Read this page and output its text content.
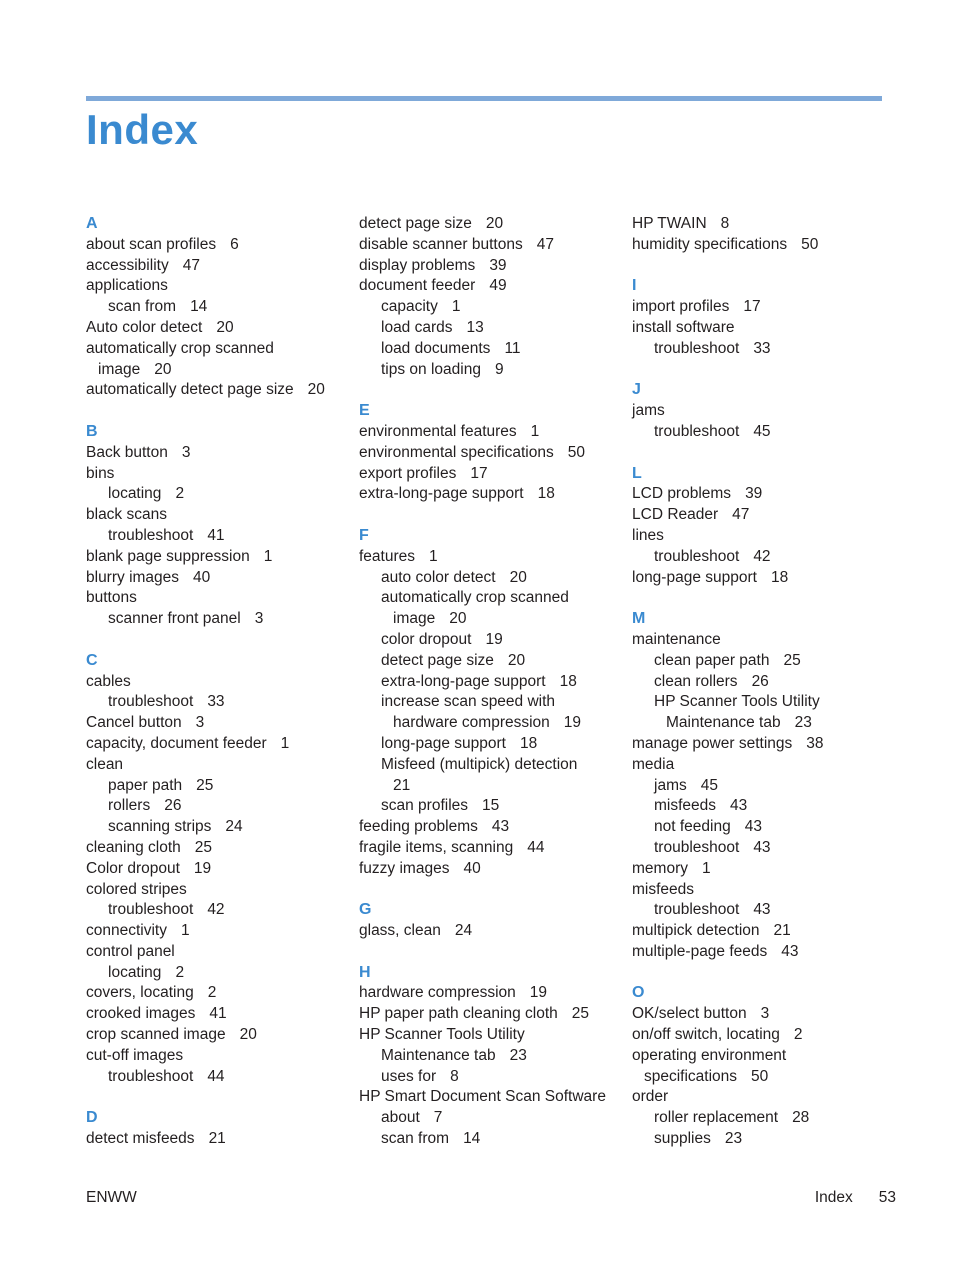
Index
A
about scan profiles 6
accessibility 47
applications
scan from 14
Auto color detect 20
automatically crop scanned
image 20
automatically detect page size 20
B
Back button 3
bins
locating 2
black scans
troubleshoot 41
blank page suppression 1
blurry images 40
buttons
scanner front panel 3
C
cables
troubleshoot 33
Cancel button 3
capacity, document feeder 1
clean
paper path 25
rollers 26
scanning strips 24
cleaning cloth 25
Color dropout 19
colored stripes
troubleshoot 42
connectivity 1
control panel
locating 2
covers, locating 2
crooked images 41
crop scanned image 20
cut-off images
troubleshoot 44
D
detect misfeeds 21
detect page size 20
disable scanner buttons 47
display problems 39
document feeder 49
capacity 1
load cards 13
load documents 11
tips on loading 9
E
environmental features 1
environmental specifications 50
export profiles 17
extra-long-page support 18
F
features 1
auto color detect 20
automatically crop scanned
image 20
color dropout 19
detect page size 20
extra-long-page support 18
increase scan speed with
hardware compression 19
long-page support 18
Misfeed (multipick) detection
21
scan profiles 15
feeding problems 43
fragile items, scanning 44
fuzzy images 40
G
glass, clean 24
H
hardware compression 19
HP paper path cleaning cloth 25
HP Scanner Tools Utility
Maintenance tab 23
uses for 8
HP Smart Document Scan Software
about 7
scan from 14
HP TWAIN 8
humidity specifications 50
I
import profiles 17
install software
troubleshoot 33
J
jams
troubleshoot 45
L
LCD problems 39
LCD Reader 47
lines
troubleshoot 42
long-page support 18
M
maintenance
clean paper path 25
clean rollers 26
HP Scanner Tools Utility
Maintenance tab 23
manage power settings 38
media
jams 45
misfeeds 43
not feeding 43
troubleshoot 43
memory 1
misfeeds
troubleshoot 43
multipick detection 21
multiple-page feeds 43
O
OK/select button 3
on/off switch, locating 2
operating environment
specifications 50
order
roller replacement 28
supplies 23
ENWW	Index 53
